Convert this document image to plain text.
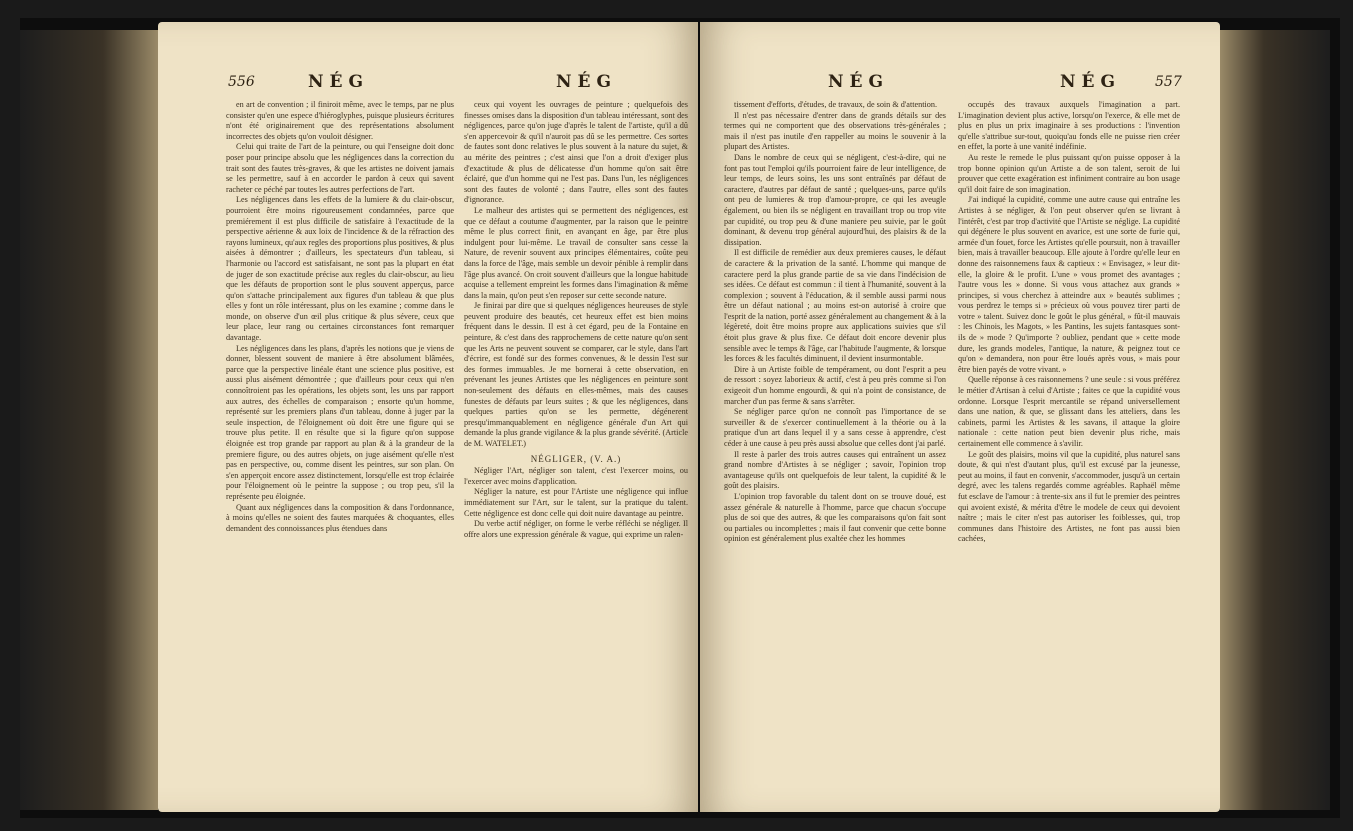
556	NÉG	NÉG

en art de convention ; il finiroit même, avec le temps, par ne plus consister qu'en une espece d'hiéroglyphes, puisque plusieurs écritures n'ont été originairement que des représentations absolument incorrectes des objets qu'on vouloit désigner.

Celui qui traite de l'art de la peinture, ou qui l'enseigne doit donc poser pour principe absolu que les négligences dans la correction du trait sont des fautes très-graves, & que les artistes ne doivent jamais se les permettre, sauf à en accorder le pardon à ceux qui savent racheter ce péché par toutes les autres perfections de l'art.

Les négligences dans les effets de la lumiere & du clair-obscur, pourroient être moins rigoureusement condamnées, parce que premiérement il est plus difficile de satisfaire à l'exactitude de la perspective aérienne & aux loix de l'incidence & de la réfraction des rayons lumineux, qu'aux regles des proportions plus positives, & plus aisées à démontrer ; d'ailleurs, les spectateurs d'un tableau, si l'harmonie ou l'accord est satisfaisant, ne sont pas la plupart en état de juger de son exactitude précise aux regles du clair-obscur, au lieu que les défauts de proportion sont le plus souvent apperçus, parce qu'on s'attache principalement aux figures d'un tableau & que plus elles y font un rôle intéressant, plus on les examine ; comme dans le monde, on observe d'un œil plus critique & plus sévere, ceux que leur place, leur rang ou certaines circonstances font remarquer davantage.

Les négligences dans les plans, d'après les notions que je viens de donner, blessent souvent de maniere à être absolument blâmées, parce que la perspective linéale étant une science plus positive, est aussi plus aisément démontrée ; que d'ailleurs pour ceux qui n'en connoîtroient pas les opérations, les objets sont, les uns par rapport aux autres, des échelles de comparaison ; ensorte qu'un homme, représenté sur les premiers plans d'un tableau, donne à juger par la seule inspection, de l'éloignement où doit être une figure qui se trouve plus petite. Il en résulte que si la figure qu'on suppose éloignée est trop grande par rapport au plan & à la grandeur de la premiere figure, ou des autres objets, on juge aisément qu'elle n'est pas en perspective, ou, comme disent les peintres, sur son plan. On s'en apperçoit encore assez distinctement, lorsqu'elle est trop éclairée pour l'éloignement où le peintre la suppose ; ou trop peu, s'il la représente peu éloignée.

Quant aux négligences dans la composition & dans l'ordonnance, à moins qu'elles ne soient des fautes marquées & choquantes, elles demandent des connoissances plus étendues dans

ceux qui voyent les ouvrages de peinture ; quelquefois des finesses omises dans la disposition d'un tableau intéressant, sont des négligences, parce qu'on juge d'après le talent de l'artiste, qu'il a dû s'en appercevoir & qu'il n'auroit pas dû se les permettre. Ces sortes de fautes sont donc relatives le plus souvent à la nature du sujet, & au mérite des peintres ; c'est ainsi que l'on a droit d'exiger plus d'exactitude & plus de délicatesse d'un homme qu'on sait être éclairé, que d'un homme qui ne l'est pas. Dans l'un, les négligences sont des fautes de volonté ; dans l'autre, elles sont des fautes d'ignorance.

Le malheur des artistes qui se permettent des négligences, est que ce défaut a coutume d'augmenter, par la raison que le peintre même le plus correct finit, en avançant en âge, par être plus indulgent pour lui-même. Le travail de consulter sans cesse la Nature, de revenir souvent aux principes élémentaires, coûte peu dans la force de l'âge, mais semble un devoir pénible à remplir dans l'âge plus avancé. On croit souvent d'ailleurs que la longue habitude acquise a tellement empreint les formes dans l'imagination & même dans la main, qu'on peut s'en reposer sur cette seconde nature.

Je finirai par dire que si quelques négligences heureuses de style peuvent produire des beautés, cet heureux effet est bien moins fréquent dans le dessin. Il est à cet égard, peu de la Fontaine en peinture, & c'est dans des rapprochemens de cette nature qu'on sent que les Arts ne peuvent souvent se comparer, car le style, dans l'art d'écrire, est fondé sur des formes convenues, & le dessin l'est sur des formes immuables. Je me bornerai à cette observation, en prévenant les jeunes Artistes que les négligences en peinture sont non-seulement des défauts en elles-mêmes, mais des causes funestes de défauts par leurs suites ; & que les négligences, dans quelques parties qu'on se les permette, dégénerent presqu'immanquablement en négligence générale d'un Art qui demande la plus grande vigilance & la plus grande sévérité. (Article de M. WATELET.)

NÉGLIGER, (V. A.)

Négliger l'Art, négliger son talent, c'est l'exercer moins, ou l'exercer avec moins d'application.

Négliger la nature, est pour l'Artiste une négligence qui influe immédiatement sur l'Art, sur le talent, sur la pratique du talent. Cette négligence est donc celle qui doit nuire davantage au peintre.

Du verbe actif négliger, on forme le verbe réfléchi se négliger. Il offre alors une expression générale & vague, qui exprime un ralen-

NÉG	NÉG 557

tissement d'efforts, d'études, de travaux, de soin & d'attention.

Il n'est pas nécessaire d'entrer dans de grands détails sur des termes qui ne comportent que des observations très-générales ; mais il n'est pas inutile d'en rappeller au moins le souvenir à la plupart des Artistes.

Dans le nombre de ceux qui se négligent, c'est-à-dire, qui ne font pas tout l'emploi qu'ils pourroient faire de leur intelligence, de leur temps, de leurs soins, les uns sont entraînés par défaut de caractere, d'autres par défaut de santé ; quelques-uns, parce qu'ils ont peu de lumieres & trop d'amour-propre, ce qui les aveugle également, ou bien ils se négligent en travaillant trop ou trop vite par cupidité, ou trop peu & d'une maniere peu suivie, par le goût dominant, & devenu trop général aujourd'hui, des plaisirs & de la dissipation.

Il est difficile de remédier aux deux premieres causes, le défaut de caractere & la privation de la santé. L'homme qui manque de caractere perd la plus grande partie de sa vie dans l'indécision de ses idées. Ce défaut est commun : il tient à l'humanité, souvent à la complexion ; souvent à l'éducation, & il semble aussi parmi nous être un défaut national ; au moins est-on autorisé à croire que l'esprit de la nation, porté assez généralement au changement & à la légèreté, doit être moins propre aux applications suivies que s'il étoit plus grave & plus fixe. Ce défaut doit encore devenir plus sensible avec le temps & l'âge, car l'habitude l'augmente, & lorsque les forces & les facultés diminuent, il devient insurmontable.

Dire à un Artiste foible de tempérament, ou dont l'esprit a peu de ressort : soyez laborieux & actif, c'est à peu près comme si l'on exigeoit d'un homme engourdi, & qui n'a point de consistance, de marcher d'un pas ferme & sans s'arrêter.

Se négliger parce qu'on ne connoît pas l'importance de se surveiller & de s'exercer continuellement à la théorie ou à la pratique d'un art dans lequel il y a sans cesse à apprendre, c'est céder à une cause à peu près aussi absolue que celles dont j'ai parlé.

Il reste à parler des trois autres causes qui entraînent un assez grand nombre d'Artistes à se négliger ; savoir, l'opinion trop avantageuse qu'ils ont quelquefois de leur talent, la cupidité & le goût des plaisirs.

L'opinion trop favorable du talent dont on se trouve doué, est assez générale & naturelle à l'homme, parce que chacun s'occupe plus de soi que des autres, & que les comparaisons qu'on fait sont ou partiales ou incomplettes ; mais il faut convenir que cette bonne opinion est généralement plus exaltée chez les hommes

occupés des travaux auxquels l'imagination a part. L'imagination devient plus active, lorsqu'on l'exerce, & elle met de plus en plus un prix imaginaire à ses productions : l'invention qu'elle s'attribue sur-tout, quoiqu'au fonds elle ne puisse rien créer en effet, la porte à une vanité indéfinie.

Au reste le remede le plus puissant qu'on puisse opposer à la trop bonne opinion qu'un Artiste a de son talent, seroit de lui prouver que cette exagération est infiniment contraire au bon usage qu'il doit faire de son imagination.

J'ai indiqué la cupidité, comme une autre cause qui entraîne les Artistes à se négliger, & l'on peut observer qu'en se livrant à l'intérêt, c'est par trop d'activité que l'Artiste se néglige. La cupidité qui dégénere le plus souvent en avarice, est une sorte de furie qui, armée d'un fouet, force les Artistes qu'elle poursuit, non à travailler bien, mais à travailler beaucoup. Elle ajoute à l'ordre qu'elle leur en donne des raisonnemens faux & captieux : « Envisagez, » leur dit-elle, la gloire & le profit. L'une » vous promet des avantages ; l'autre vous les » donne. Si vous vous attachez aux grands » principes, si vous cherchez à atteindre aux » beautés sublimes ; vous perdrez le temps si » précieux où vous pouvez tirer parti de votre » talent. Suivez donc le goût le plus général, » fût-il mauvais : les Chinois, les Magots, » les Pantins, les sujets fantasques sont-ils de » mode ? Qu'importe ? oubliez, pendant que » cette mode dure, les grands modeles, l'antique, la nature, & peignez tout ce qu'on » demandera, non pour être loués après vous, » mais pour être bien payés de votre vivant. »

Quelle réponse à ces raisonnemens ? une seule : si vous préférez le métier d'Artisan à celui d'Artiste ; faites ce que la cupidité vous ordonne. Lorsque l'esprit mercantile se répand universellement dans une nation, & que, se glissant dans les atteliers, dans les cabinets, parmi les Artistes & les savans, il attaque la gloire nationale : cette nation peut bien devenir plus riche, mais certainement elle commence à s'avilir.

Le goût des plaisirs, moins vil que la cupidité, plus naturel sans doute, & qui n'est d'autant plus, qu'il est excusé par la jeunesse, peut au moins, il faut en convenir, s'accommoder, jusqu'à un certain degré, avec les talens regardés comme agréables. Raphaël même fut esclave de l'amour : à trente-six ans il fut le premier des peintres qui avoient existé, & mérita d'être le modele de ceux qui devoient naître ; mais le citer n'est pas autoriser les foiblesses, qui, trop communes dans l'histoire des Artistes, ne font pas aussi bien cachées,
